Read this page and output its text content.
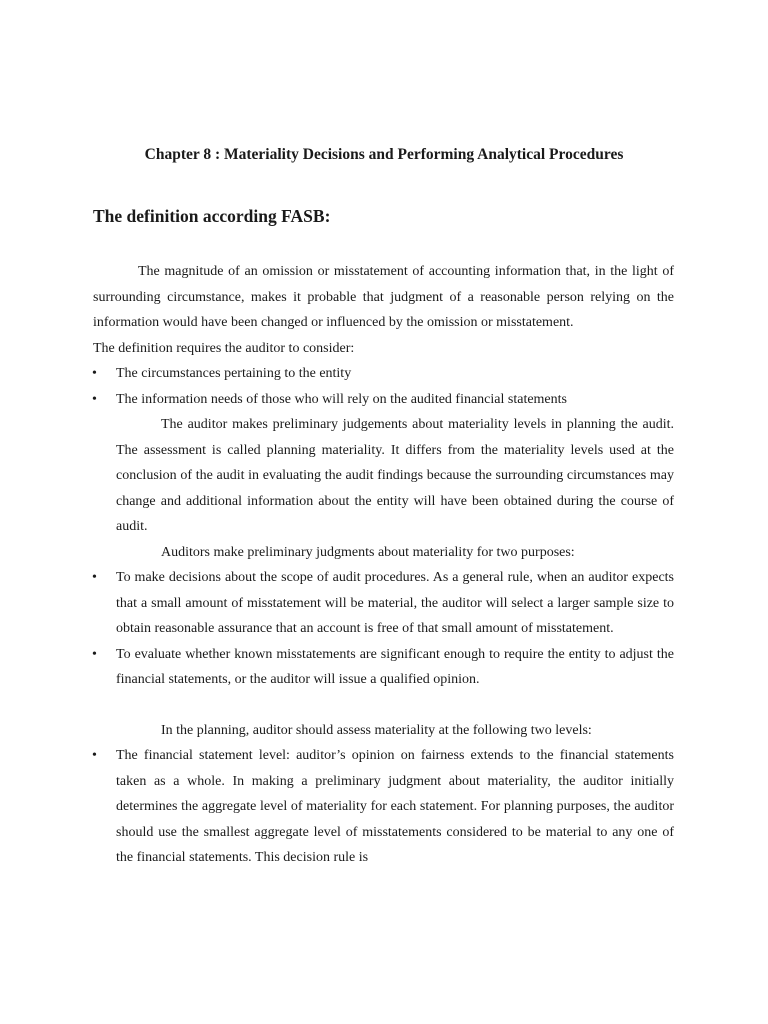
Chapter 8 : Materiality Decisions and Performing Analytical Procedures
The definition according FASB:

The magnitude of an omission or misstatement of accounting information that, in the light of surrounding circumstance, makes it probable that judgment of a reasonable person relying on the information would have been changed or influenced by the omission or misstatement.

The definition requires the auditor to consider:

• The circumstances pertaining to the entity
• The information needs of those who will rely on the audited financial statements

The auditor makes preliminary judgements about materiality levels in planning the audit. The assessment is called planning materiality. It differs from the materiality levels used at the conclusion of the audit in evaluating the audit findings because the surrounding circumstances may change and additional information about the entity will have been obtained during the course of audit.

Auditors make preliminary judgments about materiality for two purposes:

• To make decisions about the scope of audit procedures. As a general rule, when an auditor expects that a small amount of misstatement will be material, the auditor will select a larger sample size to obtain reasonable assurance that an account is free of that small amount of misstatement.
• To evaluate whether known misstatements are significant enough to require the entity to adjust the financial statements, or the auditor will issue a qualified opinion.

In the planning, auditor should assess materiality at the following two levels:

• The financial statement level: auditor’s opinion on fairness extends to the financial statements taken as a whole. In making a preliminary judgment about materiality, the auditor initially determines the aggregate level of materiality for each statement. For planning purposes, the auditor should use the smallest aggregate level of misstatements considered to be material to any one of the financial statements. This decision rule is
